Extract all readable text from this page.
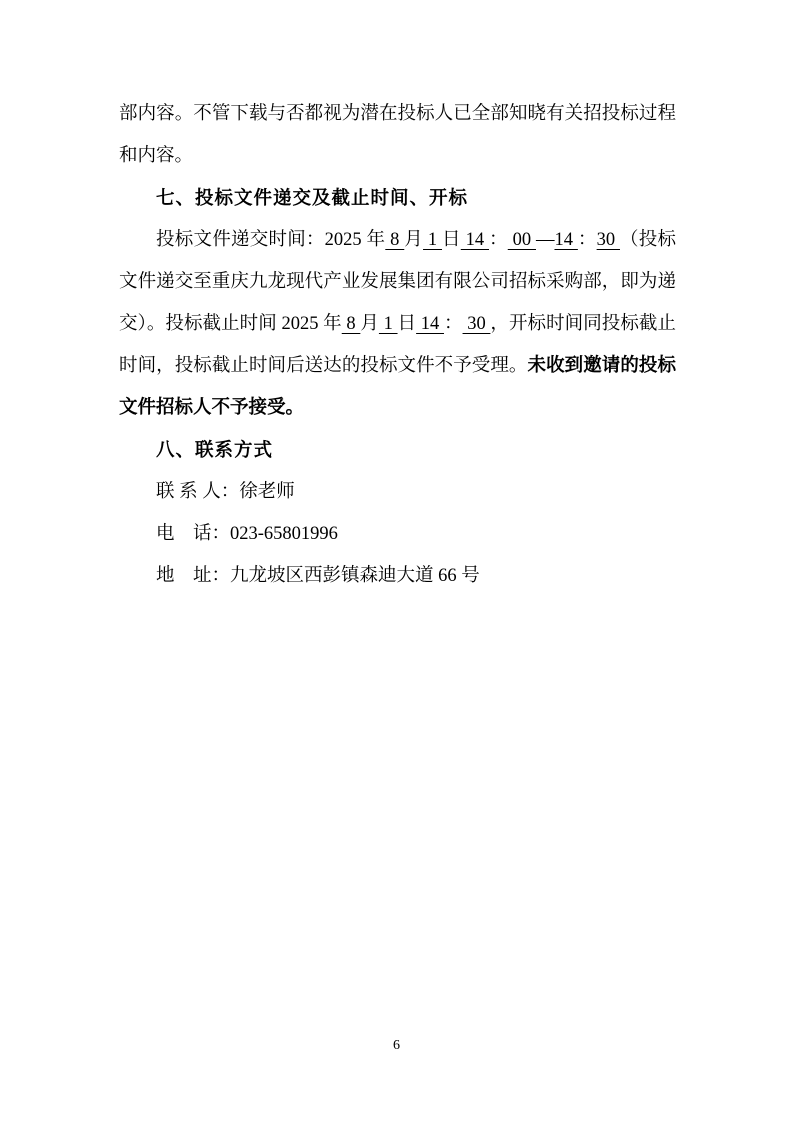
部内容。不管下载与否都视为潜在投标人已全部知晓有关招投标过程和内容。

七、投标文件递交及截止时间、开标

投标文件递交时间：2025 年 8 月 1 日 14 ： 00 —14 ：30 （投标文件递交至重庆九龙现代产业发展集团有限公司招标采购部，即为递交）。投标截止时间 2025 年 8 月 1 日 14 ： 30 ，开标时间同投标截止时间，投标截止时间后送达的投标文件不予受理。未收到邀请的投标文件招标人不予接受。

八、联系方式

联 系 人：徐老师

电　话：023-65801996

地　址：九龙坡区西彭镇森迪大道 66 号

6
